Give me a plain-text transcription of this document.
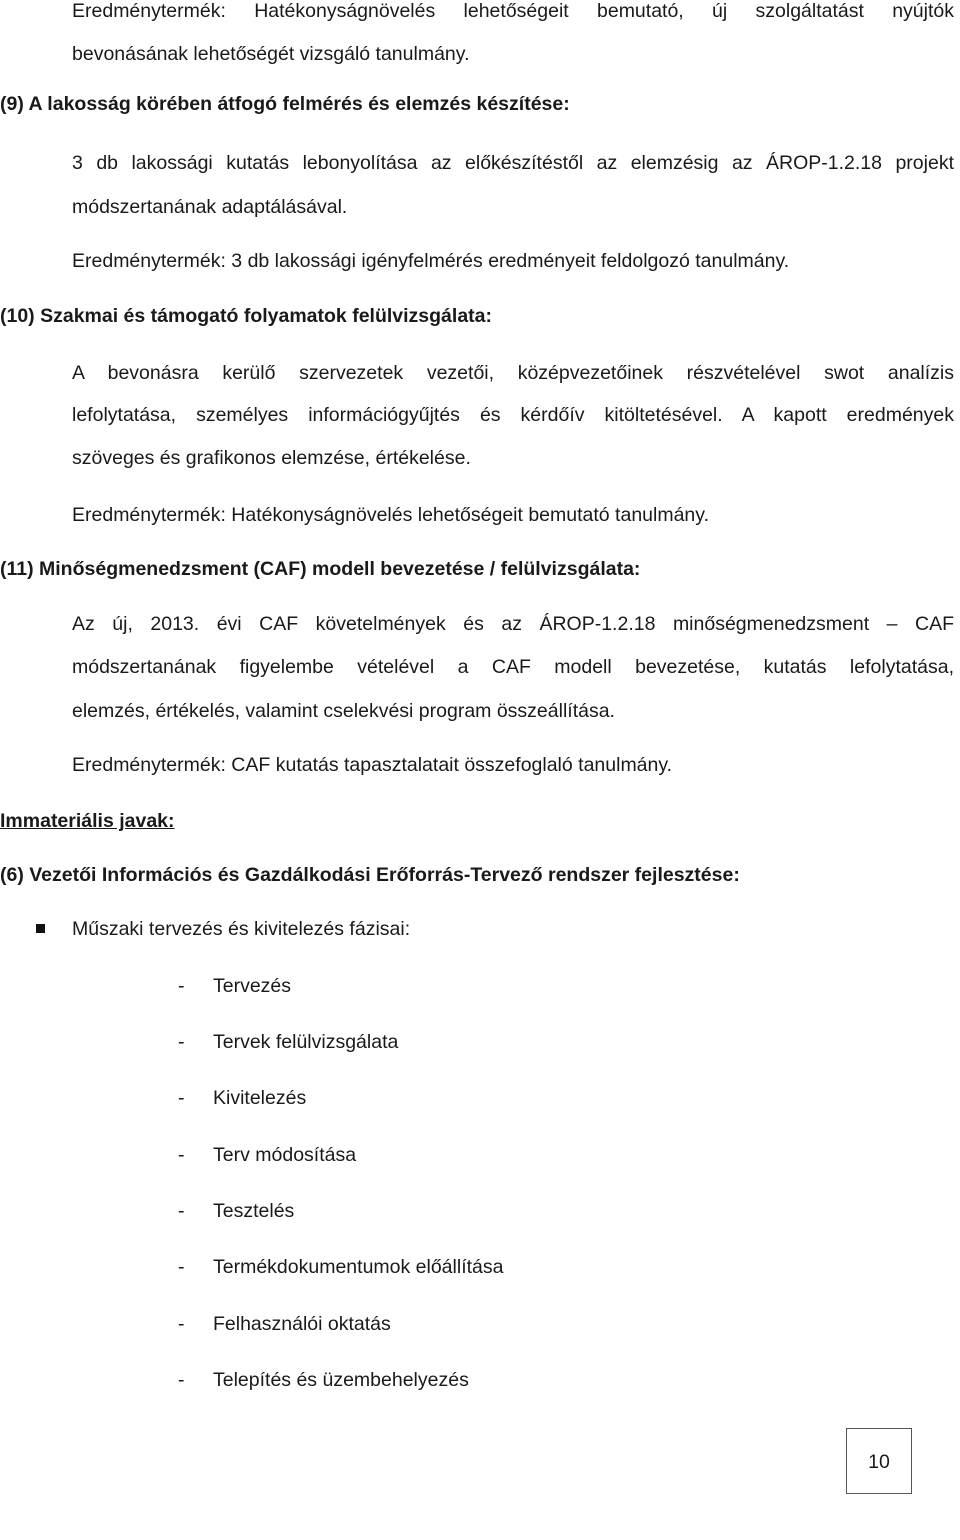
Eredménytermék: Hatékonyságnövelés lehetőségeit bemutató, új szolgáltatást nyújtók
bevonásának lehetőségét vizsgáló tanulmány.
(9) A lakosság körében átfogó felmérés és elemzés készítése:
3 db lakossági kutatás lebonyolítása az előkészítéstől az elemzésig az ÁROP-1.2.18 projekt
módszertanának adaptálásával.
Eredménytermék: 3 db lakossági igényfelmérés eredményeit feldolgozó tanulmány.
(10) Szakmai és támogató folyamatok felülvizsgálata:
A bevonásra kerülő szervezetek vezetői, középvezetőinek részvételével swot analízis
lefolytatása, személyes információgyűjtés és kérdőív kitöltetésével. A kapott eredmények
szöveges és grafikonos elemzése, értékelése.
Eredménytermék: Hatékonyságnövelés lehetőségeit bemutató tanulmány.
(11) Minőségmenedzsment (CAF) modell bevezetése / felülvizsgálata:
Az új, 2013. évi CAF követelmények és az ÁROP-1.2.18 minőségmenedzsment – CAF
módszertanának figyelembe vételével a CAF modell bevezetése, kutatás lefolytatása,
elemzés, értékelés, valamint cselekvési program összeállítása.
Eredménytermék: CAF kutatás tapasztalatait összefoglaló tanulmány.
Immateriális javak:
(6) Vezetői Információs és Gazdálkodási Erőforrás-Tervező rendszer fejlesztése:
Műszaki tervezés és kivitelezés fázisai:
- Tervezés
- Tervek felülvizsgálata
- Kivitelezés
- Terv módosítása
- Tesztelés
- Termékdokumentumok előállítása
- Felhasználói oktatás
- Telepítés és üzembehelyezés
10
